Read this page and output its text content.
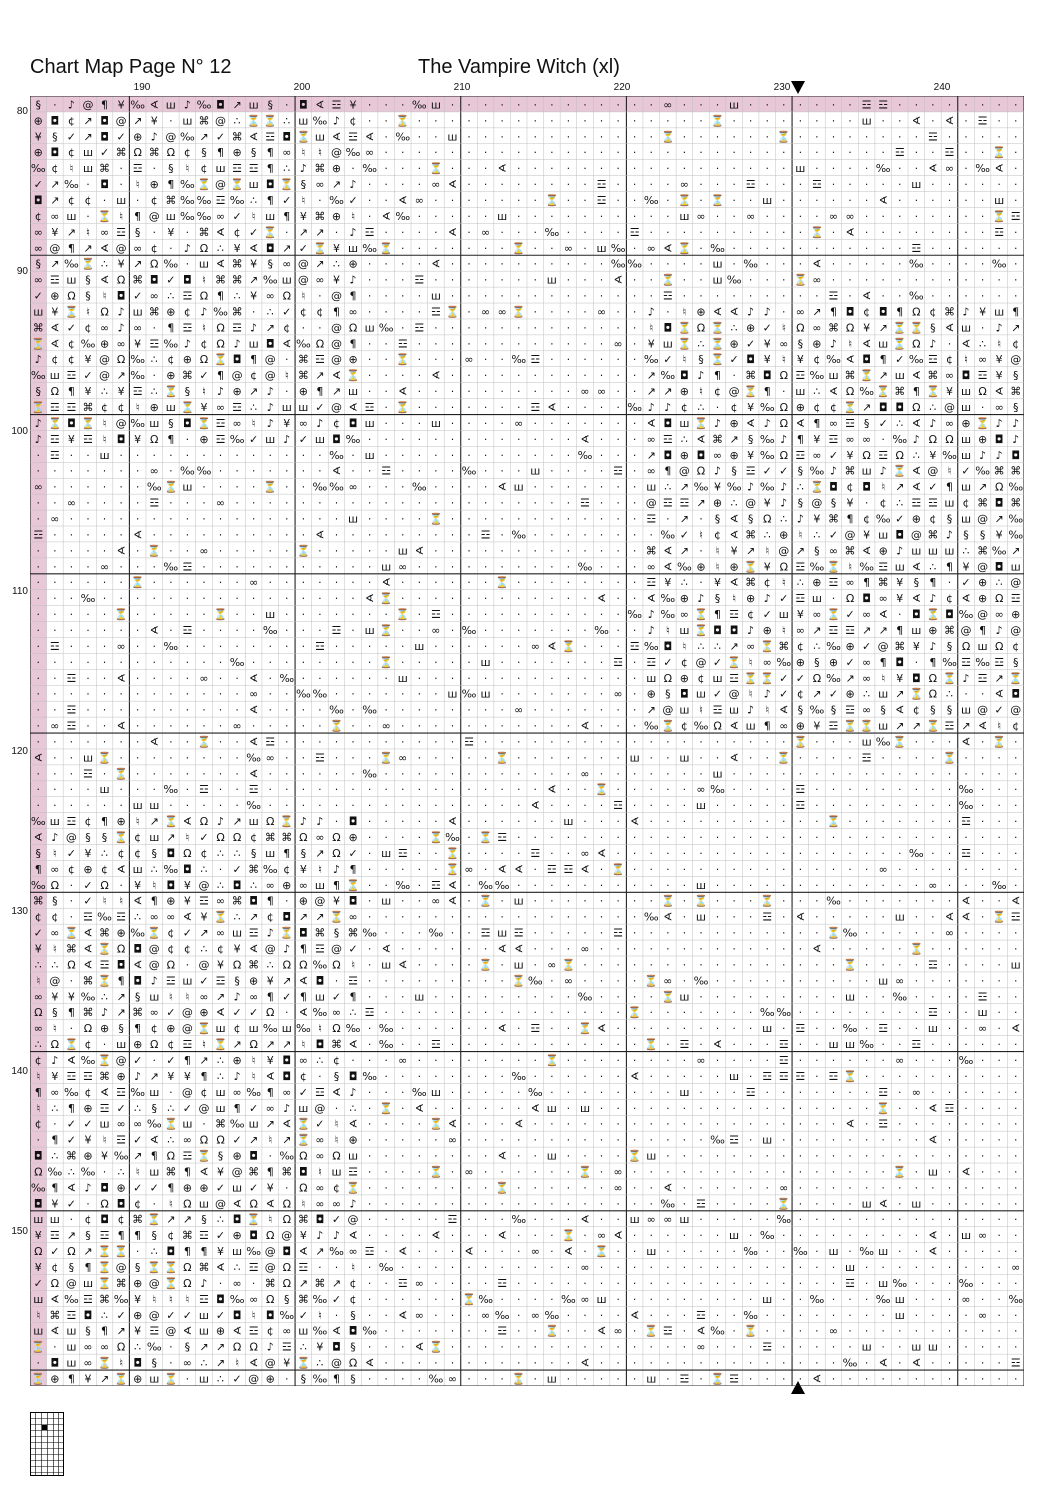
Chart Map Page N° 12	The Vampire Witch (xl)
190	200	210	220	230	240
80
90
100
110
120
130
140
150
§ · ♪ @ ¶ ¥ ‰ ∢ ш ♪ ‰ ◘ ↗ ш § · ◘ ∢ ☲ ¥ · · · ‰ ш · · · · · · · · · · · · · ∞ · · · ш · · · · · · · ☲ ☲ · · · · · · · ·
⊕ ◘ ¢ ↗ ◘ @ ↗ ¥ · ш ⌘ @ ∴ ⏳ ⏳ ∴ ш ‰ ♪ ¢ · · ⏳ · · · · · · · · · · · · · · · · · · ⏳ · · · · · · · · ш · · ∢ · ∢ · ☲ · ·
¥ § ✓ ↗ ◘ ✓ ⊕ ♪ @ ‰ ↗ ✓ ⌘ ∢ ☲ ◘ ⏳ ш ∢ ☲ ∢ · ‰ · · ш · · · · · · · · · · · · ⏳ · · · · · · ⏳ · · · · · · · · ☲ · · · · ·
⊕ ◘ ¢ ш ✓ ⌘ Ω ⌘ Ω ¢ § ¶ ⊕ § ¶ ∞ ♮ ♮ @ ‰ ∞ · · · · · · · · · · · · · · · · · · · · · · · · · · · · · · · ☲ · · ☲ · · ⏳ ·
‰ ¢ ♮ ш ⌘ · ☲ · § ♮ ¢ ш ☲ ☲ ¶ ∴ ♪ ⌘ ⊕ · ‰ · · · ⏳ · · · ∢ · · · · · · · · · · · · · · · · · ш · · · · ‰ · · ∢ ∞ · ‰ ∢ ·
✓ ↗ ‰ · ◘ · ♮ ⊕ ¶ ‰ ⏳ @ ⏳ ш ◘ ⏳ § ∞ ↗ ♪ · · · · ∞ ∢ · · · · · · · · ☲ · · · · ∞ · · · ☲ · · · ☲ · · · · · ш · · · · · ·
◘ ↗ ¢ ¢ · ш · ¢ ⌘ ‰ ‰ ☲ ‰ ∴ ¶ ✓ ♮ · ‰ ✓ · · ∢ ∞ · · · · · · · ⏳ · · ☲ · · ‰ · ⏳ · ⏳ · · ш · · · · · · ∢ · · · · · · ш ·
¢ ∞ ш · ⏳ ♮ ¶ @ ш ‰ ‰ ∞ ✓ ♮ ш ¶ ¥ ⌘ ⊕ ♮ · ∢ ‰ · · · · · ш · · · · · · · · · · ш ∞ · · ∞ · · · · ∞ ∞ · · · · · · · · ⏳ ☲
∞ ¥ ↗ ♮ ∞ ☲ § · ¥ · ⌘ ∢ ¢ ✓ ⏳ · ↗ ↗ · ♪ ☲ · · · · ∢ · ∞ · · · ‰ · · · · ☲ · · · · · · · · · · ⏳ · ∢ · · · · · · · · ☲ ·
∞ @ ¶ ↗ ∢ @ ∞ ¢ · ♪ Ω ∴ ¥ ∢ ◘ ↗ ✓ ⏳ ¥ ш ‰ ⏳ · · · · · · · ⏳ · · ∞ · ш ‰ · ∞ ∢ ⏳ · ‰ · · · · · · · · · · · ☲ · · · · · ·
§ ↗ ‰ ⏳ ∴ ¥ ↗ Ω ‰ · ш ∢ ⌘ ¥ § ∞ @ ↗ ∴ ⊕ · · · · ∢ · · · · · · · · · · ‰ ‰ · · · · ш · ‰ · · · ∢ · · · · · ‰ · · · · ‰ ·
∞ ☲ ш § ∢ Ω ⌘ ◘ ✓ ◘ ♮ ⌘ ⌘ ↗ ‰ ш @ ∞ ¥ ♪ · · · ☲ · · · · · · · ш · · · ∢ · · ⏳ · · ш ‰ · · · ⏳ ∞ · · · · · · · · · · · ·
✓ ⊕ Ω § ♮ ◘ ✓ ∞ ∴ ☲ Ω ¶ ∴ ¥ ∞ Ω ♮ · @ ¶ · · · · ш · · · · · · · · · · · · · ☲ · · · · · · · · · ☲ · ∢ · · ‰ · · · · · ·
ш ¥ ⏳ ♮ Ω ♪ ш ⌘ ⊕ ¢ ♪ ‰ ⌘ · ∴ ✓ ¢ ¢ ¶ ∞ · · · · ☲ ⏳ · ∞ ∞ ⏳ · · · · ∞ · · ♪ · ♮ ⊕ ∢ ∢ ♪ ♪ · ∞ ↗ ¶ ◘ ¢ ◘ ¶ Ω ¢ ⌘ ♪ ¥ ш ¶
⌘ ∢ ✓ ¢ ∞ ♪ ∞ · ¶ ☲ ♮ Ω ☲ ♪ ↗ ¢ · · @ Ω ш ‰ · ☲ · · · · · · · · · · · · · ♮ ◘ ⏳ Ω ⏳ ∴ ⊕ ✓ ♮ Ω ∞ ⌘ Ω ¥ ↗ ⏳ ⏳ § ∢ ш · ♪ ↗
⏳ ∢ ¢ ‰ ⊕ ∞ ¥ ☲ ‰ ♪ ¢ Ω ♪ ш ◘ ∢ ‰ Ω @ ¶ · · ☲ · · · · · · · · · · · · ∞ · ¥ ш ⏳ ∴ ⏳ ⊕ ✓ ¥ ∞ § ⊕ ♪ ♮ ∢ ш ⏳ Ω ♪ · ∢ ∴ ♮ ¢
♪ ¢ ¢ ¥ @ Ω ‰ ∴ ¢ ⊕ Ω ⏳ ◘ ¶ @ · ⌘ ☲ @ ⊕ · · ⏳ · · · ∞ · · ‰ ☲ · · · · · · ‰ ✓ ♮ § ⏳ ✓ ◘ ¥ ♮ ¥ ¢ ‰ ∢ ◘ ¶ ✓ ‰ ☲ ¢ ♮ ∞ ¥ @
‰ ш ☲ ✓ @ ↗ ‰ · ⊕ ⌘ ✓ ¶ @ ¢ @ ♮ ⌘ ↗ ∢ ⏳ · · · · ∢ · · · · · · · · · · · · ↗ ‰ ◘ ♪ ¶ · ⌘ ◘ Ω ☲ ‰ ш ⌘ ⏳ ↗ ш ∢ ⌘ ∞ ◘ ☲ ¥ §
§ Ω ¶ ¥ ∴ ¥ ☲ ∴ ⏳ § ♮ ♪ ⊕ ↗ ♪ · ⊕ ¶ ↗ ш · · ∢ · · · · · · · · · · ∞ ∞ · · ↗ ↗ ⊕ ♮ ¢ @ ⏳ ¶ · ш ∴ ∢ Ω ‰ ⏳ ⌘ ¶ ⏳ ¥ ш Ω ∢ ⌘
⏳ ☲ ☲ ⌘ ¢ ¢ ♮ ⊕ ш ⏳ ¥ ∞ ☲ ∴ ♪ ш ш ✓ @ ∢ ☲ · ⏳ · · · · · · · ☲ ∢ · · · · ‰ ♪ ♪ ¢ ∴ · ¢ ¥ ‰ Ω ⊕ ¢ ¢ ⏳ ↗ ◘ ◘ Ω ∴ @ ш · ∞ §
♪ ⏳ ◘ ⏳ ♮ @ ‰ ш § ◘ ⏳ ☲ ∞ ♮ ♪ ¥ ∞ ♪ ¢ ◘ ш · · · ш · · · · ∞ · · · · · · · ∢ ◘ ш ⏳ ♪ ⊕ ∢ ♪ Ω ∢ ¶ ∞ ☲ § ✓ ∴ ∢ ♪ ∞ ⊕ ⏳ ♪ ♪
♪ ☲ ¥ ☲ ♮ ◘ ¥ Ω ¶ · ⊕ ☲ ‰ ✓ ш ♪ ✓ ш ◘ ‰ · · · · · · · · · · · · · ∢ · · · ∞ ☲ ∴ ∢ ⌘ ↗ § ‰ ♪ ¶ ¥ ☲ ∞ ∞ · ‰ ♪ Ω Ω ш ⊕ ◘ ♪
· ☲ · · ш · · · · · · · · · · · · · ‰ · ш · · · · · · · · · · · · ‰ · · · ↗ ◘ ⊕ ◘ ∞ ⊕ ¥ ‰ Ω ☲ ∞ ✓ ¥ Ω ☲ Ω ∴ ¥ ‰ ш ♪ ♪ ◘
· · · · · · · ∞ · ‰ ‰ · · · · · · · ∢ · · ☲ · · · · ‰ · · · ш · · · · ☲ · ∞ ¶ @ Ω ♪ § ☲ ✓ ✓ § ‰ ♪ ⌘ ш ♪ ⏳ ∢ @ ♮ ✓ ‰ ⌘ ⌘
∞ · · · · · · ‰ ⏳ ш · · · · ⏳ · · ‰ ‰ ∞ · · · ‰ · · · · ∢ ш · · · · · · · ш ∴ ↗ ‰ ¥ ‰ ♪ ‰ ♪ ∴ ⏳ ◘ ¢ ◘ ♮ ↗ ∢ ✓ ¶ ш ↗ Ω ‰
· · ∞ · · · · ☲ · · · ∞ · · · · · · · · · · · · · · · · · · · · · ☲ · · · @ ☲ ☲ ↗ ⊕ ∴ @ ¥ ♪ § @ § ¥ · ¢ ∴ ☲ ☲ ш ¢ ⌘ ◘ ⌘
· ∞ · · · · · · · · · · · · · · · · · ш · · · · ⏳ · · · · · · · · · · · · ☲ · ↗ · § ∢ § Ω ∴ ♪ ¥ ⌘ ¶ ¢ ‰ ✓ ⊕ ¢ § ш @ ↗ ‰
☲ · · · · · ∢ · · · · · · · · · · ∢ · · · · · · · · · ☲ · ‰ · · · · · · · · ‰ ✓ ♮ ¢ ∢ ⌘ ∴ ⊕ ♮ ∴ ✓ @ ¥ ш ◘ @ ⌘ ♪ § § ¥ ‰
· · · · · ∢ · ⏳ · · ∞ · · · · · ⏳ · · · · · ш ∢ · · · · · · · · · · · · · ⌘ ∢ ↗ · ♮ ¥ ↗ ♮ @ ↗ § ∞ ⌘ ∢ ⊕ ♪ ш ш ш ∴ ⌘ ‰ ↗
· · · · ∞ · · · ‰ ☲ · · · · · · · · · · · ш ∞ · · · · · · · · · · ‰ · · · ∞ ∢ ‰ ⊕ ♮ ⊕ ⏳ ¥ Ω ☲ ‰ ⏳ ♮ ‰ ☲ ш ∢ ∴ ¶ ¥ @ ◘ ш
· · · · · · ⏳ · · · · · · ∞ · · · · · · · ∢ · · · · · · ⏳ · · · · · · · · ☲ ¥ ∴ · ¥ ∢ ⌘ ¢ ♮ ∴ ⊕ ☲ ∞ ¶ ⌘ ¥ § ¶ · ✓ ⊕ ∴ @
· · · ‰ · · · · · · · · · · · · · · · · ∢ ⏳ · · · · · · · · · · · · ∢ · · ∢ ‰ ⊕ ♪ § ♮ ⊕ ♪ ✓ ☲ ш · Ω ◘ ∞ ¥ ∢ ♪ ¢ ∢ ⊕ Ω ☲
· · · · · ⏳ · · · · · ⏳ · · ш · · · · · · · ⏳ · ☲ · · · · · · · · · · · ‰ ♪ ‰ ∞ ⏳ ¶ ☲ ¢ ✓ ш ¥ ∞ ⏳ ✓ ∞ ∢ · ◘ ⏳ ◘ ‰ @ ∞ ⊕
· · · · · · · ∢ · ☲ · · · · ‰ · · · ☲ · ш ⏳ · · ∞ · ‰ · · · · · · · ‰ · · ♪ ♮ ш ⏳ ◘ ◘ ♪ ⊕ ♮ ∞ ↗ ☲ ☲ ↗ ↗ ¶ ш ⊕ ⌘ @ ¶ ♪ @
· ☲ · · · ∞ · · ‰ · · · · · · · · ☲ · · · · · ш · · · · · · ∞ ∢ ⏳ · · · ☲ ‰ ◘ ♮ ∴ ∴ ↗ ∞ ⏳ ⌘ ¢ ∴ ‰ ⊕ ✓ @ ⌘ ¥ ♪ § Ω ш Ω ¢
· · · · · · · · · · · · ‰ · · · · · · · · ⏳ · · · · · ш · · · · · · · ☲ · ☲ ✓ ¢ @ ✓ ⏳ ♮ ∞ ‰ ⊕ § ⊕ ✓ ∞ ¶ ◘ · ¶ ‰ ☲ ‰ ☲ §
· · ☲ · · ∢ · · · · ∞ · · ∢ · ‰ · · · · · · ш · · · · · · · · · · · · · · ш Ω ⊕ ¢ ш ☲ ⏳ ⏳ ✓ ✓ Ω ‰ ↗ ∞ ♮ ¥ ◘ Ω ⏳ ♪ ☲ ↗ ⏳
· · · · · · · · · · · · · ∞ · · ‰ ‰ · · · · · · · ш ‰ ш · · · · · · · ∞ · ⊕ § ◘ ш ✓ @ ♮ ♪ ✓ ¢ ↗ ✓ ⊕ ∴ ш ↗ ⏳ Ω ∴ · · ∢ ◘
· · ☲ · · · · · · · · · · ∢ · · · · ‰ · ‰ · · · · · · · · ∞ · · · · · · · ↗ @ ш ♮ ☲ ш ♪ ♮ ∢ § ‰ § ☲ ∞ § ∢ ¢ § § ш @ ✓ @
· ∞ ☲ · · ∢ · · · · · · ∞ · · · · · ⏳ · · ∞ · · · · · · · · · · · ∢ · · · ‰ ⏳ ¢ ‰ Ω ∢ ш ¶ ∞ ⊕ ¥ ☲ ⏳ ⏳ ш ↗ ↗ ⏳ ☲ ↗ ∢ ♮ ¢
· · · · · · · ∢ · · ⏳ · · ∢ ☲ · · · · · · · · · · · ☲ · · · · · · · · · · · · · · · · · · · ⏳ · · · ш ‰ ⏳ · · · ∢ · ⏳ ·
∢ · · ш ⏳ · · · · · · · · ‰ ∞ · · ☲ · · · ⏳ ∞ · · · · · ⏳ · · · · · · · ш · · ш · · ∢ · · ⏳ · · · · ☲ · · · · ⏳ · · · ·
· · · ☲ · ⏳ · · · · · · · ∢ · · · · · · ‰ · · · · · · · · · · · · ∞ · · · · · · · ш · · · · · · · · · · · · · · · · · ·
· · · · ш · · · ‰ · ☲ · · ☲ · · · · · · · · · · · · · · · · · ∢ · · ⏳ · · · · · ∞ ‰ · · · · ☲ · · · · · · · · · ‰ · · ·
· · · · · · ш ш · · · · · ‰ · · · · · · · · · · · · · · · · ∢ · · · · ☲ · · · · ш · · · · · ☲ · · · · · · · · · ‰ · · ·
‰ ш ☲ ¢ ¶ ⊕ ♮ ↗ ⏳ ∢ Ω ♪ ↗ ш Ω ⏳ ♪ ♪ · ◘ · · · · · ∢ · · · · · · ш · · · ∢ · · · · · · · · · · · ⏳ · · · · · · · ☲ · · ·
∢ ♪ @ § § ⏳ ¢ ш ↗ ♮ ✓ Ω Ω ¢ ⌘ ⌘ Ω ∞ Ω ⊕ · · · · ⏳ ‰ · ⏳ ☲ · · · · · · · · · · · · · · · · · · · · · · · · · · · · · · ·
§ ♮ ✓ ¥ ∴ ¢ ¢ § ◘ Ω ¢ ∴ ∴ § ш ¶ § ↗ Ω ✓ · ш ☲ · · ⏳ · · · · ☲ · · ∞ ∢ · · · · · · · · · · · · · · · · · · ‰ · · ☲ · · ·
¶ ∞ ¢ ⊕ ¢ ∢ ш ∴ ‰ ◘ ∴ · ✓ ⌘ ‰ ¢ ¥ ♮ ♪ ¶ · · · · · ⏳ ∞ · ∢ ∢ · ☲ ☲ ∢ · ⏳ · · · · · · · · · · · · · · · ∞ · · · · · · · ·
‰ Ω · ✓ Ω · ¥ ♮ ◘ ¥ @ ∴ ◘ ∴ ∞ ⊕ ∞ ш ¶ ⏳ · · ‰ · ☲ ∢ · ‰ ‰ · · · · · · · · · · · ш · · · · · · · · · · · · · ∞ · · · ‰ ·
⌘ § · ✓ ♮ ♮ ∢ ¶ ⊕ ¥ ☲ ∞ ⌘ ◘ ¶ · ⊕ @ ¥ ◘ · ш · · ∞ ∢ · ⏳ · ш · · · · · · · · ⏳ · ⏳ · · · ⏳ · · · ‰ · · · · · · · ∢ · · ∢
¢ ¢ · ☲ ‰ ☲ ∴ ∞ ∞ ∢ ¥ ⏳ ∴ ↗ ¢ ◘ ↗ ↗ ⏳ ∞ · · · · · · · · · · · · · · · · · ‰ ∢ · ш · · · ☲ · ∢ · · · · · ш · · ∢ ∢ · ⏳ ☲
✓ ∞ ⏳ ∢ ⌘ ⊕ ‰ ⏳ ¢ ✓ ↗ ∞ ш ☲ ♪ ⏳ ◘ ⌘ § ⌘ ‰ · · · ‰ · · ☲ ш ☲ · · · · · ☲ · · · · · · · · · · · · ⏳ ‰ · · · · · ∞ · · · ·
¥ ♮ ⌘ ∢ ⏳ Ω ◘ @ ¢ ¢ ∴ ¢ ¥ ∢ @ ♪ ¶ ☲ @ ✓ · ∢ · · · · · · ∢ ∢ · · · ∞ · · · · · · · · · · · · · ∢ · · · · · ⏳ · · · · · ·
∴ ∴ Ω ∢ ☲ ◘ ∢ @ Ω · @ ¥ Ω ⌘ ∴ Ω Ω ‰ Ω ♮ · ш ∢ · · · · ⏳ · ш · ∞ ⏳ · · · · · · · · · · · · · · · · ⏳ · · · · ☲ · · · · ш
♮ @ · ⌘ ⏳ ¶ ◘ ♪ ☲ ш ✓ ☲ § ⊕ ¥ ↗ ∢ ◘ · ☲ · · · · · · · · · ⏳ ‰ · ∞ · · · · ⏳ ∞ · ‰ · · · · · · · · · · ш ∞ · · · · · · ·
∞ ¥ ¥ ‰ ∴ ↗ § ш ♮ ♮ ∞ ↗ ♪ ∞ ¶ ✓ ¶ ш ✓ ¶ · · · ш · · · · · · · · · ‰ · · · · ⏳ ш · · · · · · · · · ш · · ‰ · · · · ☲ · ·
Ω § ¶ ⌘ ♪ ↗ ⌘ ∞ ✓ @ ⊕ ∢ ✓ ✓ Ω · ∢ ‰ ∞ ∴ ☲ · · · · · · · · · · · · · · · ⏳ · · · · · · · ‰ ‰ · · · · · · · · ☲ · · ш · ·
∞ ♮ · Ω ⊕ § ¶ ¢ ⊕ @ ⏳ ш ¢ ш ‰ ш ‰ ♮ Ω ‰ · ‰ · · · · · · ∢ · ☲ · · ⏳ ∢ · · · · · · · · · ш · ☲ · · ‰ · ☲ · · ш · · ∞ · ∢
∴ Ω ⏳ ¢ · ш ⊕ Ω ¢ ☲ ♮ ⏳ ↗ Ω ↗ ↗ ♮ ◘ ⌘ ∢ · ‰ · · ☲ · · · · · · · · · · · · ⏳ · ☲ · ∢ · · · ☲ · · ш ш ‰ · · ☲ · · · · · ·
¢ ♪ ∢ ‰ ⏳ @ ✓ · ✓ ¶ ↗ ∴ ⊕ ♮ ¥ ◘ ∞ ∴ ¢ · · · ∞ · · · · · · · · ⏳ · · · · · · · · ∞ · · · · ☲ · · · · · · ∞ · · · ‰ · · ·
♮ ¥ ☲ ☲ ⌘ ⊕ ♪ ↗ ¥ ¥ ¶ ∴ ♪ ♮ ∢ ◘ ¢ · § ◘ ‰ · · · · · · · · ‰ · · · · · · ∢ · · · · · ш · ☲ ☲ ☲ · ☲ ⏳ · · · · · · · · · ·
¶ ∞ ‰ ¢ ∢ ☲ ‰ ш · @ ¢ ш ∞ ‰ ¶ ∞ ✓ ☲ ∢ ♪ · · · ‰ ш · · · · · ‰ · · · · · · · · ш · · · ☲ · · · · · · · ☲ · ∞ · · · · · ·
♮ ∴ ¶ ⊕ ☲ ✓ ∴ § ∴ ✓ @ ш ¶ ✓ ∞ ♪ ш @ · ∴ · ⏳ · ∢ · · · · · · ∢ ш · ш · · · · · · · · · · · · · · · · · ⏳ · · ∢ ☲ · · · ·
¢ · ✓ ✓ ш ∞ ∞ ‰ ⏳ ш · ⌘ ‰ ш ↗ ∢ ⏳ ✓ ♮ ∢ · · · · ⏳ ∢ · · · ∢ · · · · · · · · · · · · · · · · · · · ∢ · ☲ · · · · · · · ·
· ¶ ✓ ¥ ♮ ☲ ✓ ∢ ∴ ∞ Ω Ω ✓ ↗ ♮ ↗ ⏳ ∞ ♮ ⊕ · · · · · ∞ · · · · · · · · · · · · · · · ‰ ☲ · ш · · · · · · · · · ∢ · · · · ·
◘ ∴ ⌘ ⊕ ¥ ‰ ↗ ¶ Ω ☲ ⏳ § ⊕ ◘ · ‰ Ω ∞ Ω ш · · · · · · · · ∢ · · ш · · · · ⏳ ш · · · · · · · · · · · · · · · · · · · · · ·
Ω ‰ ∴ ‰ · ∴ ♮ ш ⌘ ¶ ∢ ¥ @ ⌘ ¶ ⌘ ◘ ♮ ш ☲ · · · · ⏳ · ∞ · · · · · · ⏳ · ∞ · · · · · · · · · · · · · · · · ⏳ · ш · ∢ · · ·
‰ ¶ ∢ ♪ ◘ ⊕ ✓ ✓ ¶ ⊕ ⊕ ✓ ш ✓ ¥ · Ω ∞ ¢ ⏳ · · · · · · · · ⏳ · · · · · · ∞ · · ∢ · · · · · · ∞ · · · · · · · · · · · · · ·
◘ ¥ ✓ · Ω ◘ ¢ · ♮ Ω ш @ ∢ Ω ∢ Ω ♮ ∞ ∞ ♪ · · · · · · · · · · · · · · · · · · ‰ · ☲ · · · · ⏳ · · · · ш ∢ · ш · · · · · ·
ш ш · ¢ ◘ ¢ ⌘ ⏳ ↗ ↗ § ∴ ◘ ⏳ ♮ Ω ⌘ ◘ ✓ @ · · · · · ☲ · · · ‰ · · · ∢ · · ш ∞ ∞ ш · · · · · ‰ · · · · · · · · · · · · · ·
¥ ☲ ↗ § ☲ ¶ ¶ § ¢ ⌘ ☲ ✓ ⊕ ◘ Ω @ ¥ ♪ ♪ ∢ · · · · ∢ · · · ∢ · · · ⏳ · ∞ ∢ · · · · · · ш · ‰ · · · · · · · · · ∢ · ш ∞ · ·
Ω ✓ Ω ↗ ⏳ ⏳ · ∴ ◘ ¶ ¶ ¥ ш ‰ @ ◘ ∢ ↗ ‰ ∞ ☲ · ∢ · · · ∢ · · · ∞ · ∢ · ⏳ · · ш · · · · · ‰ · · ‰ · ш · ‰ ш · · ∢ · · · · ·
¥ ¢ § ¶ ⏳ @ § ⏳ ⏳ Ω ⌘ ∢ ∴ ☲ @ Ω ☲ · · ♮ · ‰ · · · · · · · · · · · ∞ · · · · · · · · · · · · · · · ш · · · · · · · · · ∞
✓ Ω @ ш ⏳ ⌘ ⊕ @ ⏳ Ω ♪ · ∞ · ⌘ Ω ↗ ⌘ ↗ ¢ · · ☲ ∞ · · · · ☲ · · · · · · · · · · · · · · · · · · · · ☲ · ш ‰ · · · ‰ · · ·
ш ∢ ‰ ☲ ⌘ ‰ ¥ ♮ ♮ ♮ ☲ ◘ ‰ ∞ Ω § ⌘ ‰ ✓ ¢ · · · · · · ⏳ ‰ · · · · ‰ ∞ ш · · · · · · · · · ш · · ‰ · · · ‰ ш · · · ∞ · · ‰
♮ ⌘ ☲ ◘ ∴ ✓ ⊕ @ ✓ ✓ ш ✓ ◘ ♮ ◘ ‰ ✓ ♮ · § · · ∢ ∞ · · · ∞ ‰ · ∞ ‰ · · · · ∢ · · · ☲ · · ‰ · · · · · · · · ш · · · · ∞ · ·
ш ∢ ш § ¶ ↗ ¥ ☲ @ ∢ ш ⊕ ∢ ☲ ¢ ∞ ш ‰ ∢ ◘ ‰ · · · · · · · ☲ · · ⏳ · · ∢ ∞ · ⏳ ☲ · ∢ ‰ · ⏳ · · · · ∞ · · · · · · · · · · ·
⏳ · ш ∞ ∞ Ω ∴ ‰ · § ↗ ↗ Ω Ω ♪ ☲ ∴ ¥ ◘ § · · · ∢ ⏳ · · · · · · · · · · · · · · · ∞ · · · ☲ · · · · · ш · · ш ш · · · · ·
· ◘ ш ∞ ⏳ ♮ ◘ § · ∞ ∴ ↗ ♮ ∢ @ ¥ ⏳ ∴ @ Ω ∢ · · · · · · · · · · · · ∢ · · · · · · · · · · · · · · · ‰ · ∢ · ∢ · · · · · ☲
⏳ ⊕ ¶ ¥ ↗ ⏳ ⊕ ш ⏳ · ш ∴ ✓ @ ⊕ · § ‰ ¶ § · · · · ‰ ∞ · · · ⏳ · ш · · · · · ш · ☲ · ⏳ ☲ · · · · ∢ · · · · · · · · · · · ·
